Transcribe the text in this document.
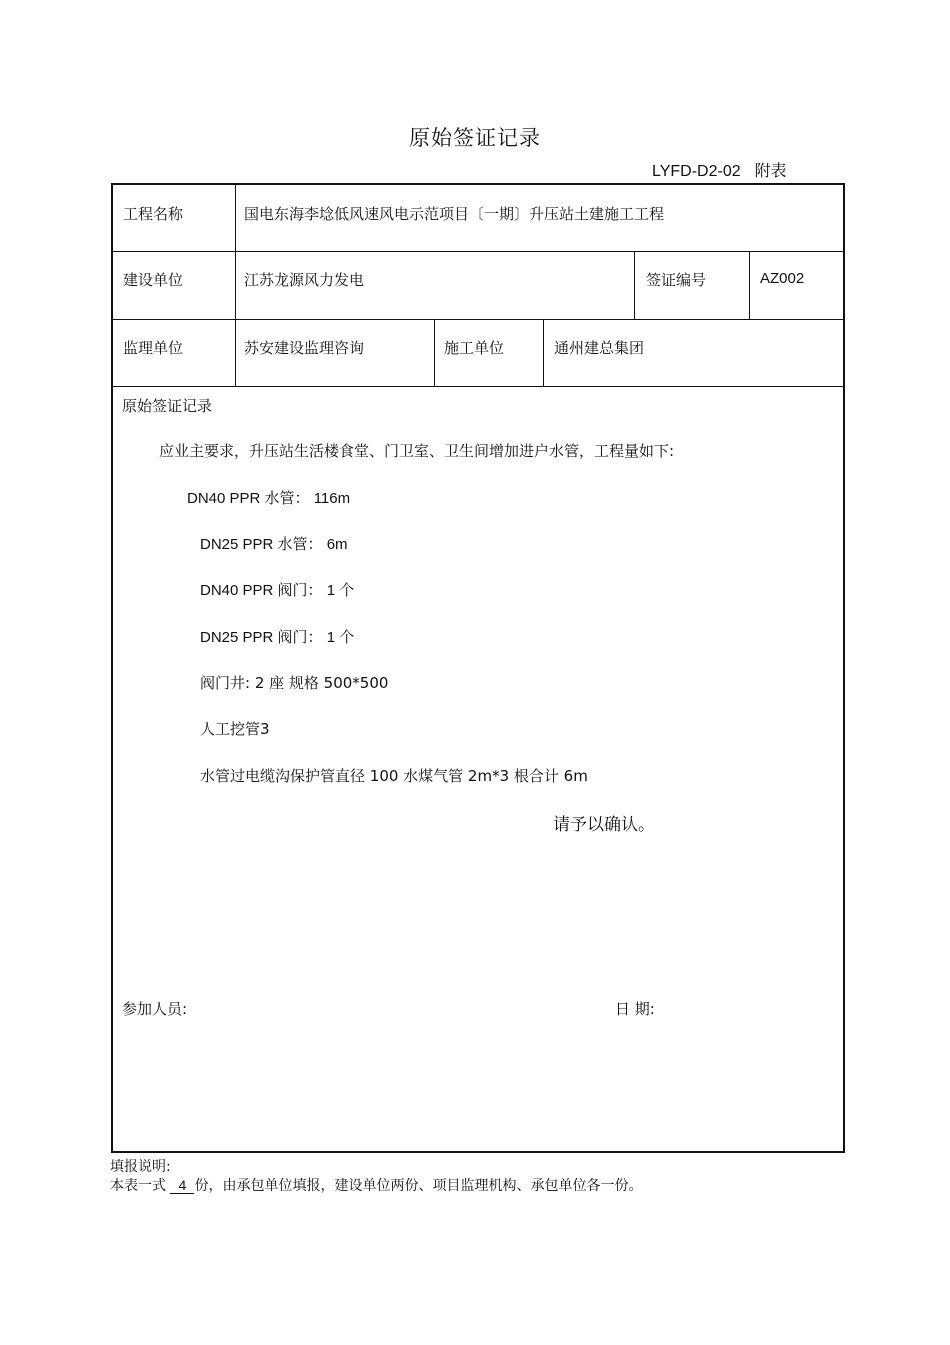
原始签证记录
LYFD-D2-02 附表
工程名称	国电东海李埝低风速风电示范项目〔一期〕升压站土建施工工程
建设单位	江苏龙源风力发电	签证编号	AZ002
监理单位	苏安建设监理咨询	施工单位	通州建总集团
原始签证记录
应业主要求，升压站生活楼食堂、门卫室、卫生间增加进户水管，工程量如下:
DN40 PPR 水管： 116m
DN25 PPR 水管： 6m
DN40 PPR 阀门： 1 个
DN25 PPR 阀门： 1 个
阀门井: 2 座 规格 500*500
人工挖管3
水管过电缆沟保护管直径 100 水煤气管 2m*3 根合计 6m
请予以确认。
参加人员:	日 期:
填报说明:
本表一式 4 份，由承包单位填报，建设单位两份、项目监理机构、承包单位各一份。
